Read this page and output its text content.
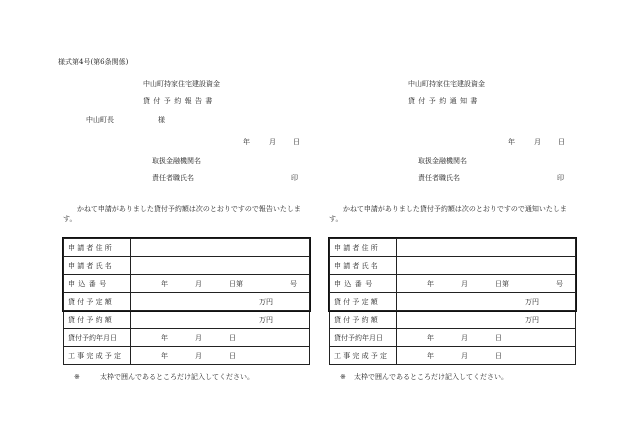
様式第4号(第6条関係)
中山町持家住宅建設資金
貸付予約報告書
中山町長	様
年	月 日
取扱金融機関名
責任者職氏名	印
かねて申請がありました貸付予約額は次のとおりですので報告いたします。
申請者住所	
申請者氏名	
申込番号	年 月 日第 号

貸付予定額	万円

貸付予約額	万円

貸付予約年月日	年 月 日

工事完成予定	年 月 日
※	太枠で囲んであるところだけ記入してください。
中山町持家住宅建設資金
貸付予約通知書
年	月 日
取扱金融機関名
責任者職氏名	印
かねて申請がありました貸付予約額は次のとおりですので通知いたします。
申請者住所	
申請者氏名	
申込番号	年 月 日第 号

貸付予定額	万円

貸付予約額	万円

貸付予約年月日	年 月 日

工事完成予定	年 月 日
※ 太枠で囲んであるところだけ記入してください。
